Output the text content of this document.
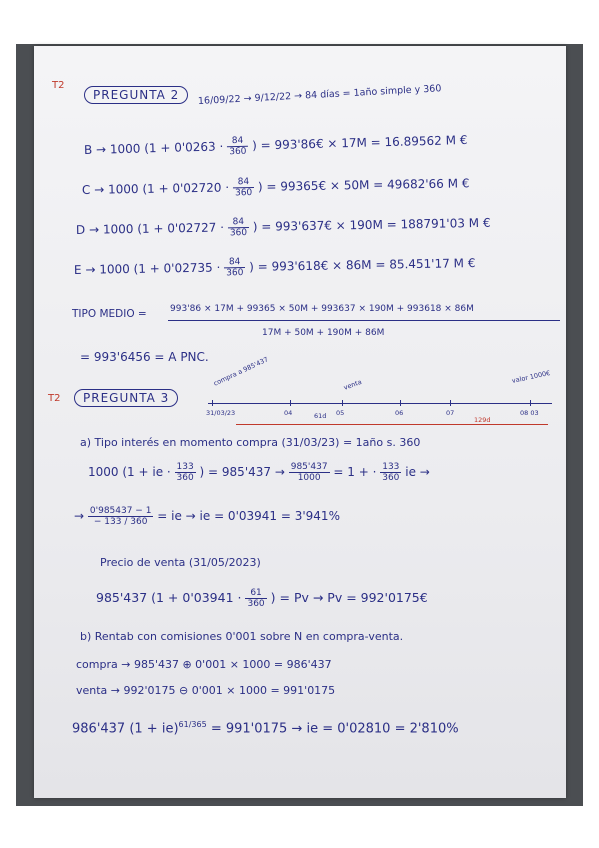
T2
PREGUNTA 2	16/09/22 → 9/12/22 → 84 días = 1año simple y 360
B → 1000 ($1 + 0'0263 \cdot \frac{84}{360}$ ) = 993'86€ × 17M = 16.89562 M €
C → 1000 ($1 + 0'02720 \cdot \frac{84}{360}$ ) = 99365€ × 50M = 49682'66 M €
D → 1000 ($1 + 0'02727 \cdot \frac{84}{360}$ ) = 993'637€ × 190M = 188791'03 M €
E → 1000 ($1 + 0'02735 \cdot \frac{84}{360}$ ) = 993'618€ × 86M = 85.451'17 M €
TIPO MEDIO =	993'86 × 17M + 99365 × 50M + 993637 × 190M + 993618 × 86M
17M + 50M + 190M + 86M
= 993'6456 = A PNC.
T2	PREGUNTA 3
compra a 985'437	venta	valor 1000€
31/03/23	04	05	06	07	08 03
61d	129d
a) Tipo interés en momento compra (31/03/23) = 1año s. 360
1000 (1 + ie · $\frac{133}{360}$ ) = $985'437 \to \frac{985'437}{1000} = 1$ + · $\frac{133}{360}$ ie →
→ $\frac{0'985437 - 1}{- 133 / 360}$ = ie → ie = 0'03941 = 3'941%
Precio de venta (31/05/2023)
985'437 ($1 + 0'03941 \cdot \frac{61}{360}$ ) = Pv → Pv = 992'0175€
b) Rentab con comisiones 0'001 sobre N en compra-venta.
compra → 985'437 ⊕ 0'001 × 1000 = 986'437
venta → 992'0175 ⊖ 0'001 × 1000 = 991'0175
986'437 (1 + ie)$^{61/365}$ = 991'0175 → ie = 0'02810 = 2'810%
